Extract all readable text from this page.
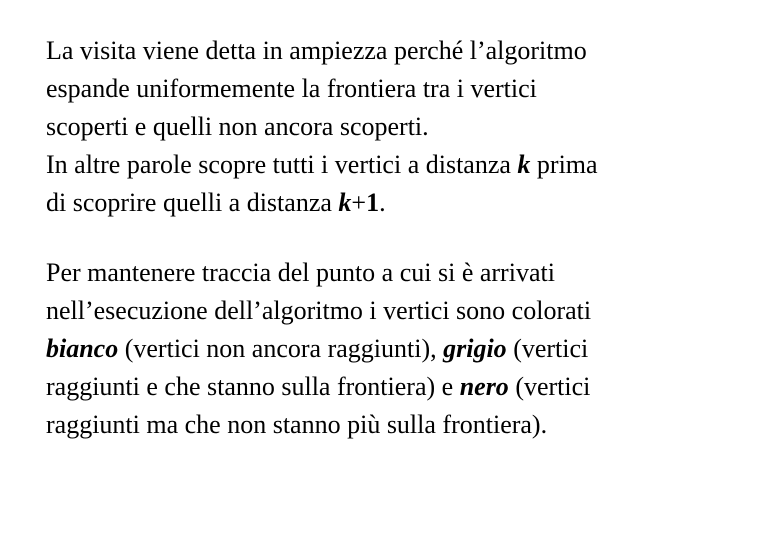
La visita viene detta in ampiezza perché l’algoritmo
espande uniformemente la frontiera tra i vertici
scoperti e quelli non ancora scoperti.

In altre parole scopre tutti i vertici a distanza k prima
di scoprire quelli a distanza k+1.

Per mantenere traccia del punto a cui si è arrivati
nell’esecuzione dell’algoritmo i vertici sono colorati
bianco (vertici non ancora raggiunti), grigio (vertici
raggiunti e che stanno sulla frontiera) e nero (vertici
raggiunti ma che non stanno più sulla frontiera).
